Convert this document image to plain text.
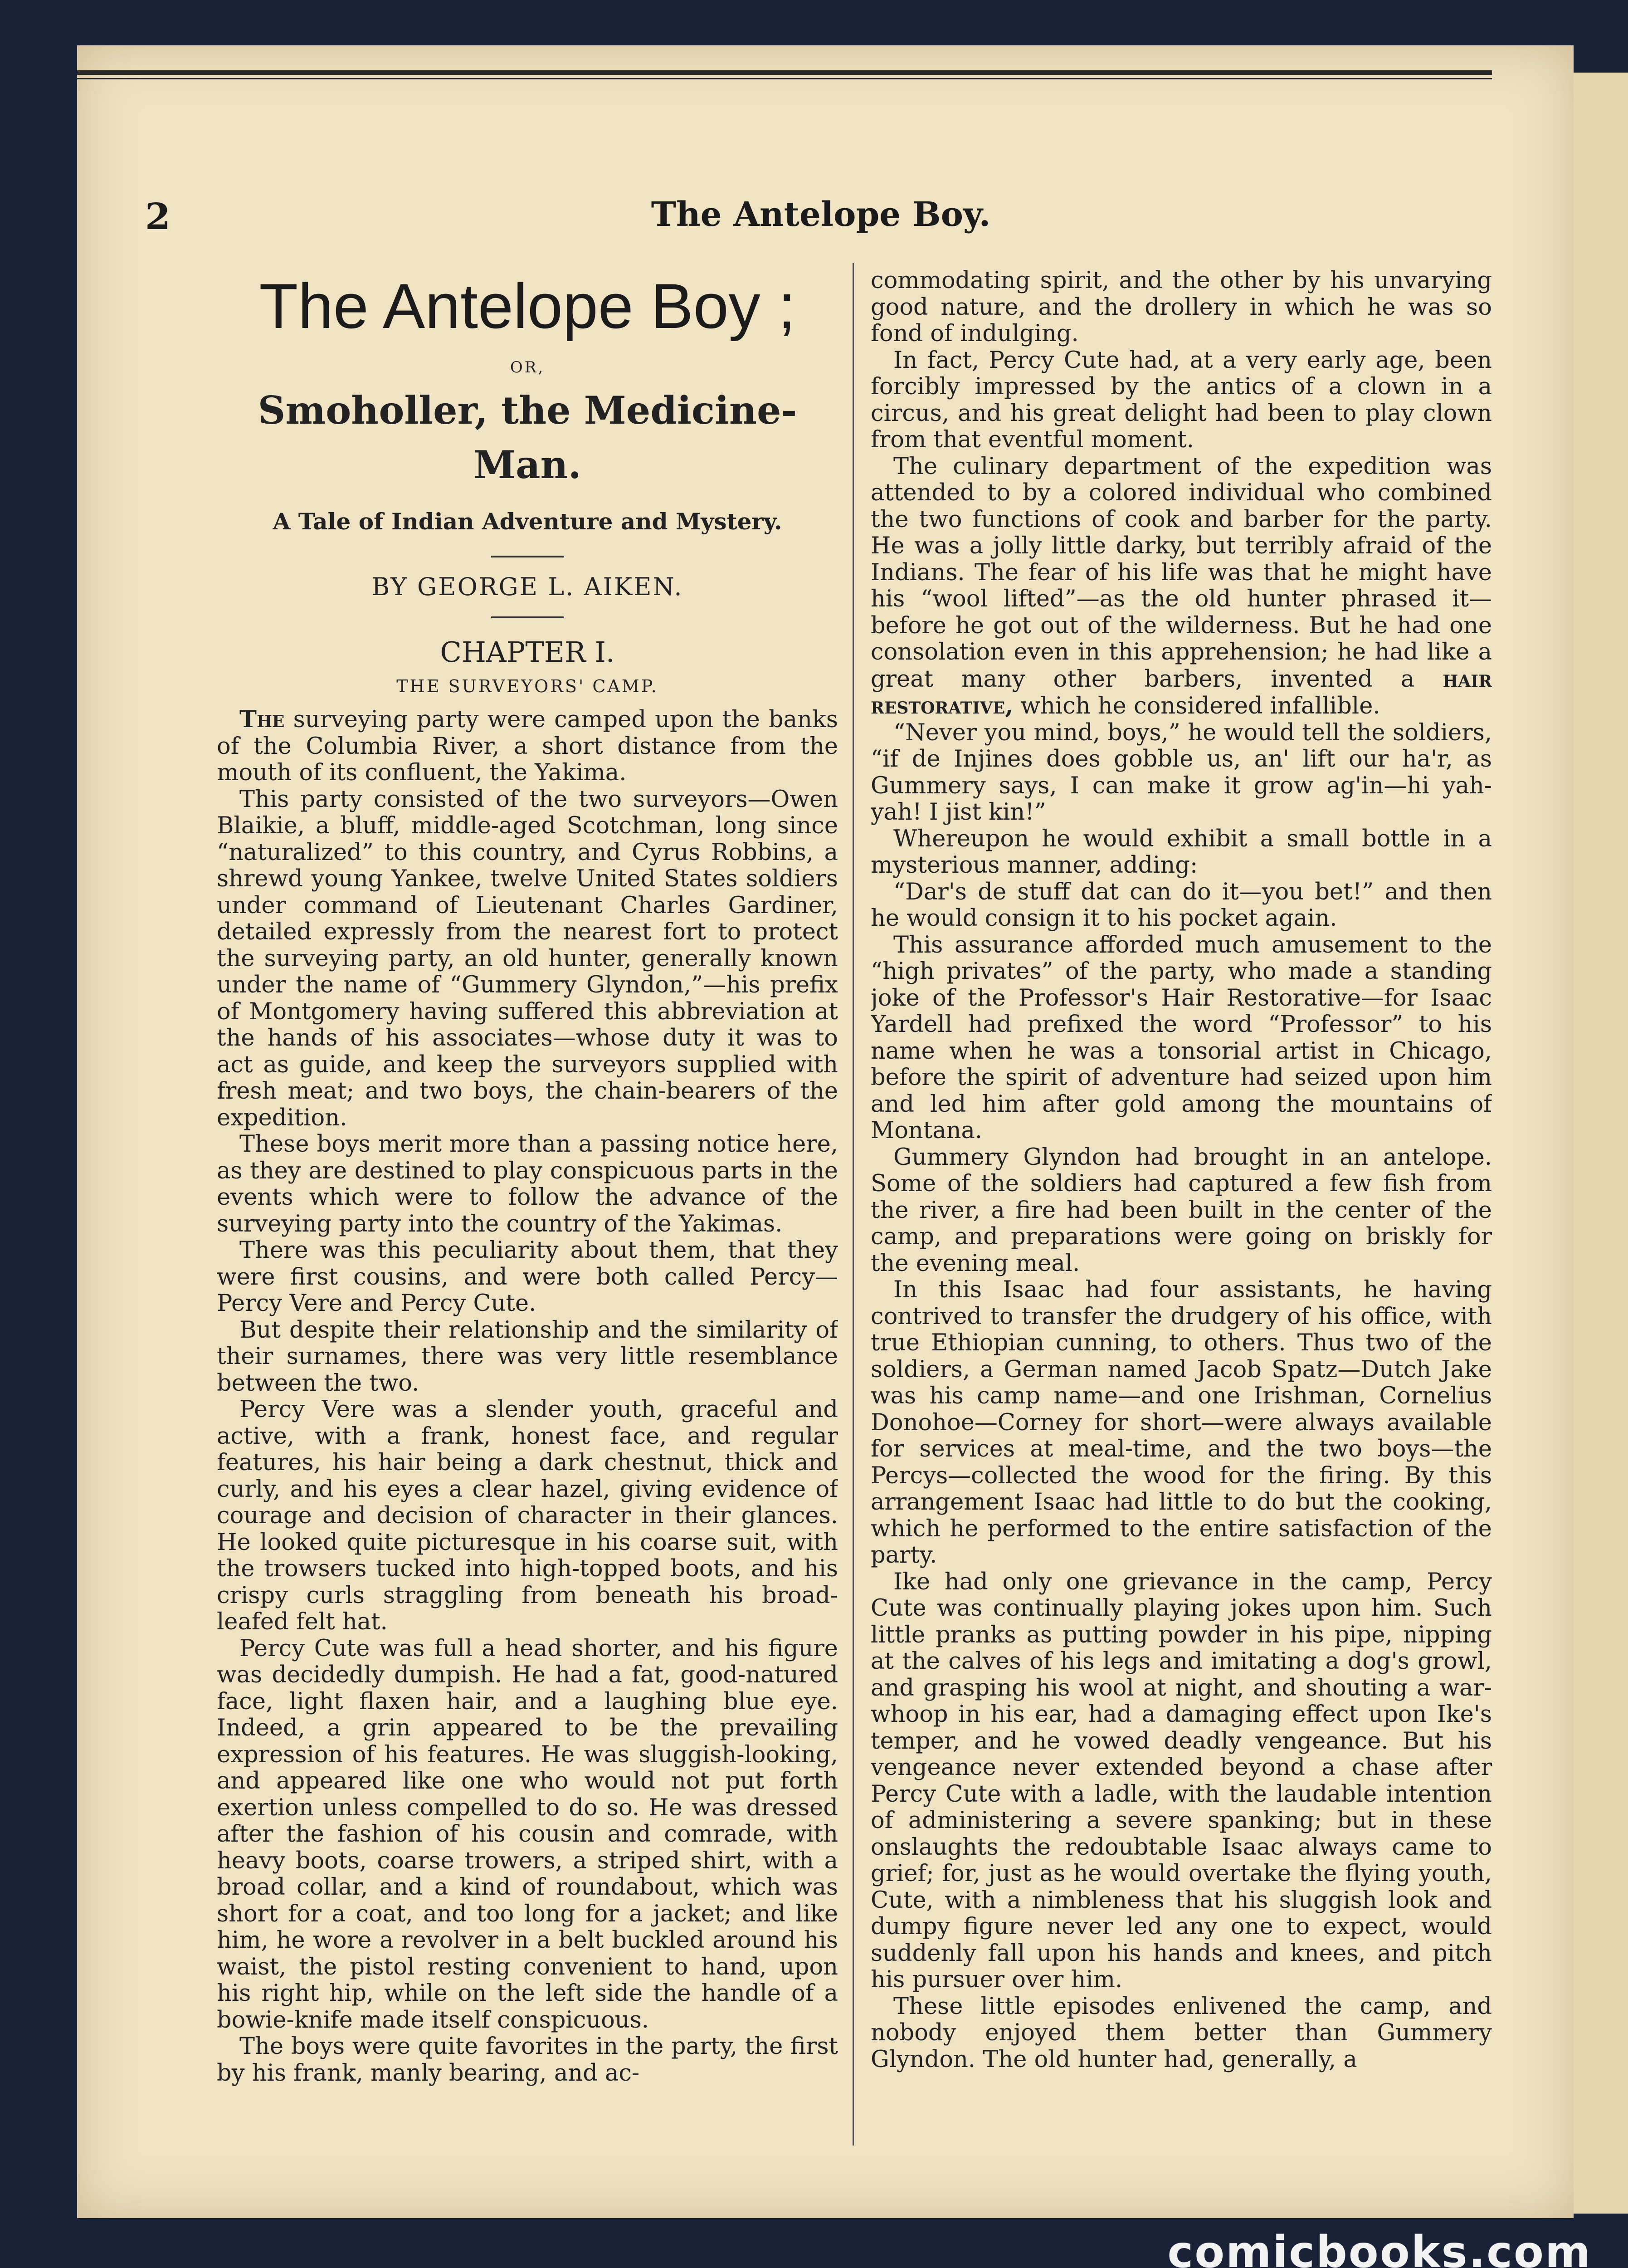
2	The Antelope Boy.
The Antelope Boy ;
OR,
Smoholler, the Medicine-Man.
A Tale of Indian Adventure and Mystery.
BY GEORGE L. AIKEN.
CHAPTER I.
THE SURVEYORS' CAMP.

The surveying party were camped upon the banks of the Columbia River, a short distance from the mouth of its confluent, the Yakima.

This party consisted of the two surveyors—Owen Blaikie, a bluff, middle-aged Scotchman, long since “naturalized” to this country, and Cyrus Robbins, a shrewd young Yankee, twelve United States soldiers under command of Lieutenant Charles Gardiner, detailed expressly from the nearest fort to protect the surveying party, an old hunter, generally known under the name of “Gummery Glyndon,”—his prefix of Montgomery having suffered this abbreviation at the hands of his associates—whose duty it was to act as guide, and keep the surveyors supplied with fresh meat; and two boys, the chain-bearers of the expedition.

These boys merit more than a passing notice here, as they are destined to play conspicuous parts in the events which were to follow the advance of the surveying party into the country of the Yakimas.

There was this peculiarity about them, that they were first cousins, and were both called Percy—Percy Vere and Percy Cute.

But despite their relationship and the similarity of their surnames, there was very little resemblance between the two.

Percy Vere was a slender youth, graceful and active, with a frank, honest face, and regular features, his hair being a dark chestnut, thick and curly, and his eyes a clear hazel, giving evidence of courage and decision of character in their glances. He looked quite picturesque in his coarse suit, with the trowsers tucked into high-topped boots, and his crispy curls straggling from beneath his broad-leafed felt hat.

Percy Cute was full a head shorter, and his figure was decidedly dumpish. He had a fat, good-natured face, light flaxen hair, and a laughing blue eye. Indeed, a grin appeared to be the prevailing expression of his features. He was sluggish-looking, and appeared like one who would not put forth exertion unless compelled to do so. He was dressed after the fashion of his cousin and comrade, with heavy boots, coarse trowers, a striped shirt, with a broad collar, and a kind of roundabout, which was short for a coat, and too long for a jacket; and like him, he wore a revolver in a belt buckled around his waist, the pistol resting convenient to hand, upon his right hip, while on the left side the handle of a bowie-knife made itself conspicuous.

The boys were quite favorites in the party, the first by his frank, manly bearing, and ac-

commodating spirit, and the other by his unvarying good nature, and the drollery in which he was so fond of indulging.

In fact, Percy Cute had, at a very early age, been forcibly impressed by the antics of a clown in a circus, and his great delight had been to play clown from that eventful moment.

The culinary department of the expedition was attended to by a colored individual who combined the two functions of cook and barber for the party. He was a jolly little darky, but terribly afraid of the Indians. The fear of his life was that he might have his “wool lifted”—as the old hunter phrased it—before he got out of the wilderness. But he had one consolation even in this apprehension; he had like a great many other barbers, invented a hair restorative, which he considered infallible.

“Never you mind, boys,” he would tell the soldiers, “if de Injines does gobble us, an' lift our ha'r, as Gummery says, I can make it grow ag'in—hi yah-yah! I jist kin!”

Whereupon he would exhibit a small bottle in a mysterious manner, adding:

“Dar's de stuff dat can do it—you bet!” and then he would consign it to his pocket again.

This assurance afforded much amusement to the “high privates” of the party, who made a standing joke of the Professor's Hair Restorative—for Isaac Yardell had prefixed the word “Professor” to his name when he was a tonsorial artist in Chicago, before the spirit of adventure had seized upon him and led him after gold among the mountains of Montana.

Gummery Glyndon had brought in an antelope. Some of the soldiers had captured a few fish from the river, a fire had been built in the center of the camp, and preparations were going on briskly for the evening meal.

In this Isaac had four assistants, he having contrived to transfer the drudgery of his office, with true Ethiopian cunning, to others. Thus two of the soldiers, a German named Jacob Spatz—Dutch Jake was his camp name—and one Irishman, Cornelius Donohoe—Corney for short—were always available for services at meal-time, and the two boys—the Percys—collected the wood for the firing. By this arrangement Isaac had little to do but the cooking, which he performed to the entire satisfaction of the party.

Ike had only one grievance in the camp, Percy Cute was continually playing jokes upon him. Such little pranks as putting powder in his pipe, nipping at the calves of his legs and imitating a dog's growl, and grasping his wool at night, and shouting a war-whoop in his ear, had a damaging effect upon Ike's temper, and he vowed deadly vengeance. But his vengeance never extended beyond a chase after Percy Cute with a ladle, with the laudable intention of administering a severe spanking; but in these onslaughts the redoubtable Isaac always came to grief; for, just as he would overtake the flying youth, Cute, with a nimbleness that his sluggish look and dumpy figure never led any one to expect, would suddenly fall upon his hands and knees, and pitch his pursuer over him.

These little episodes enlivened the camp, and nobody enjoyed them better than Gummery Glyndon. The old hunter had, generally, a

comicbooks.com
